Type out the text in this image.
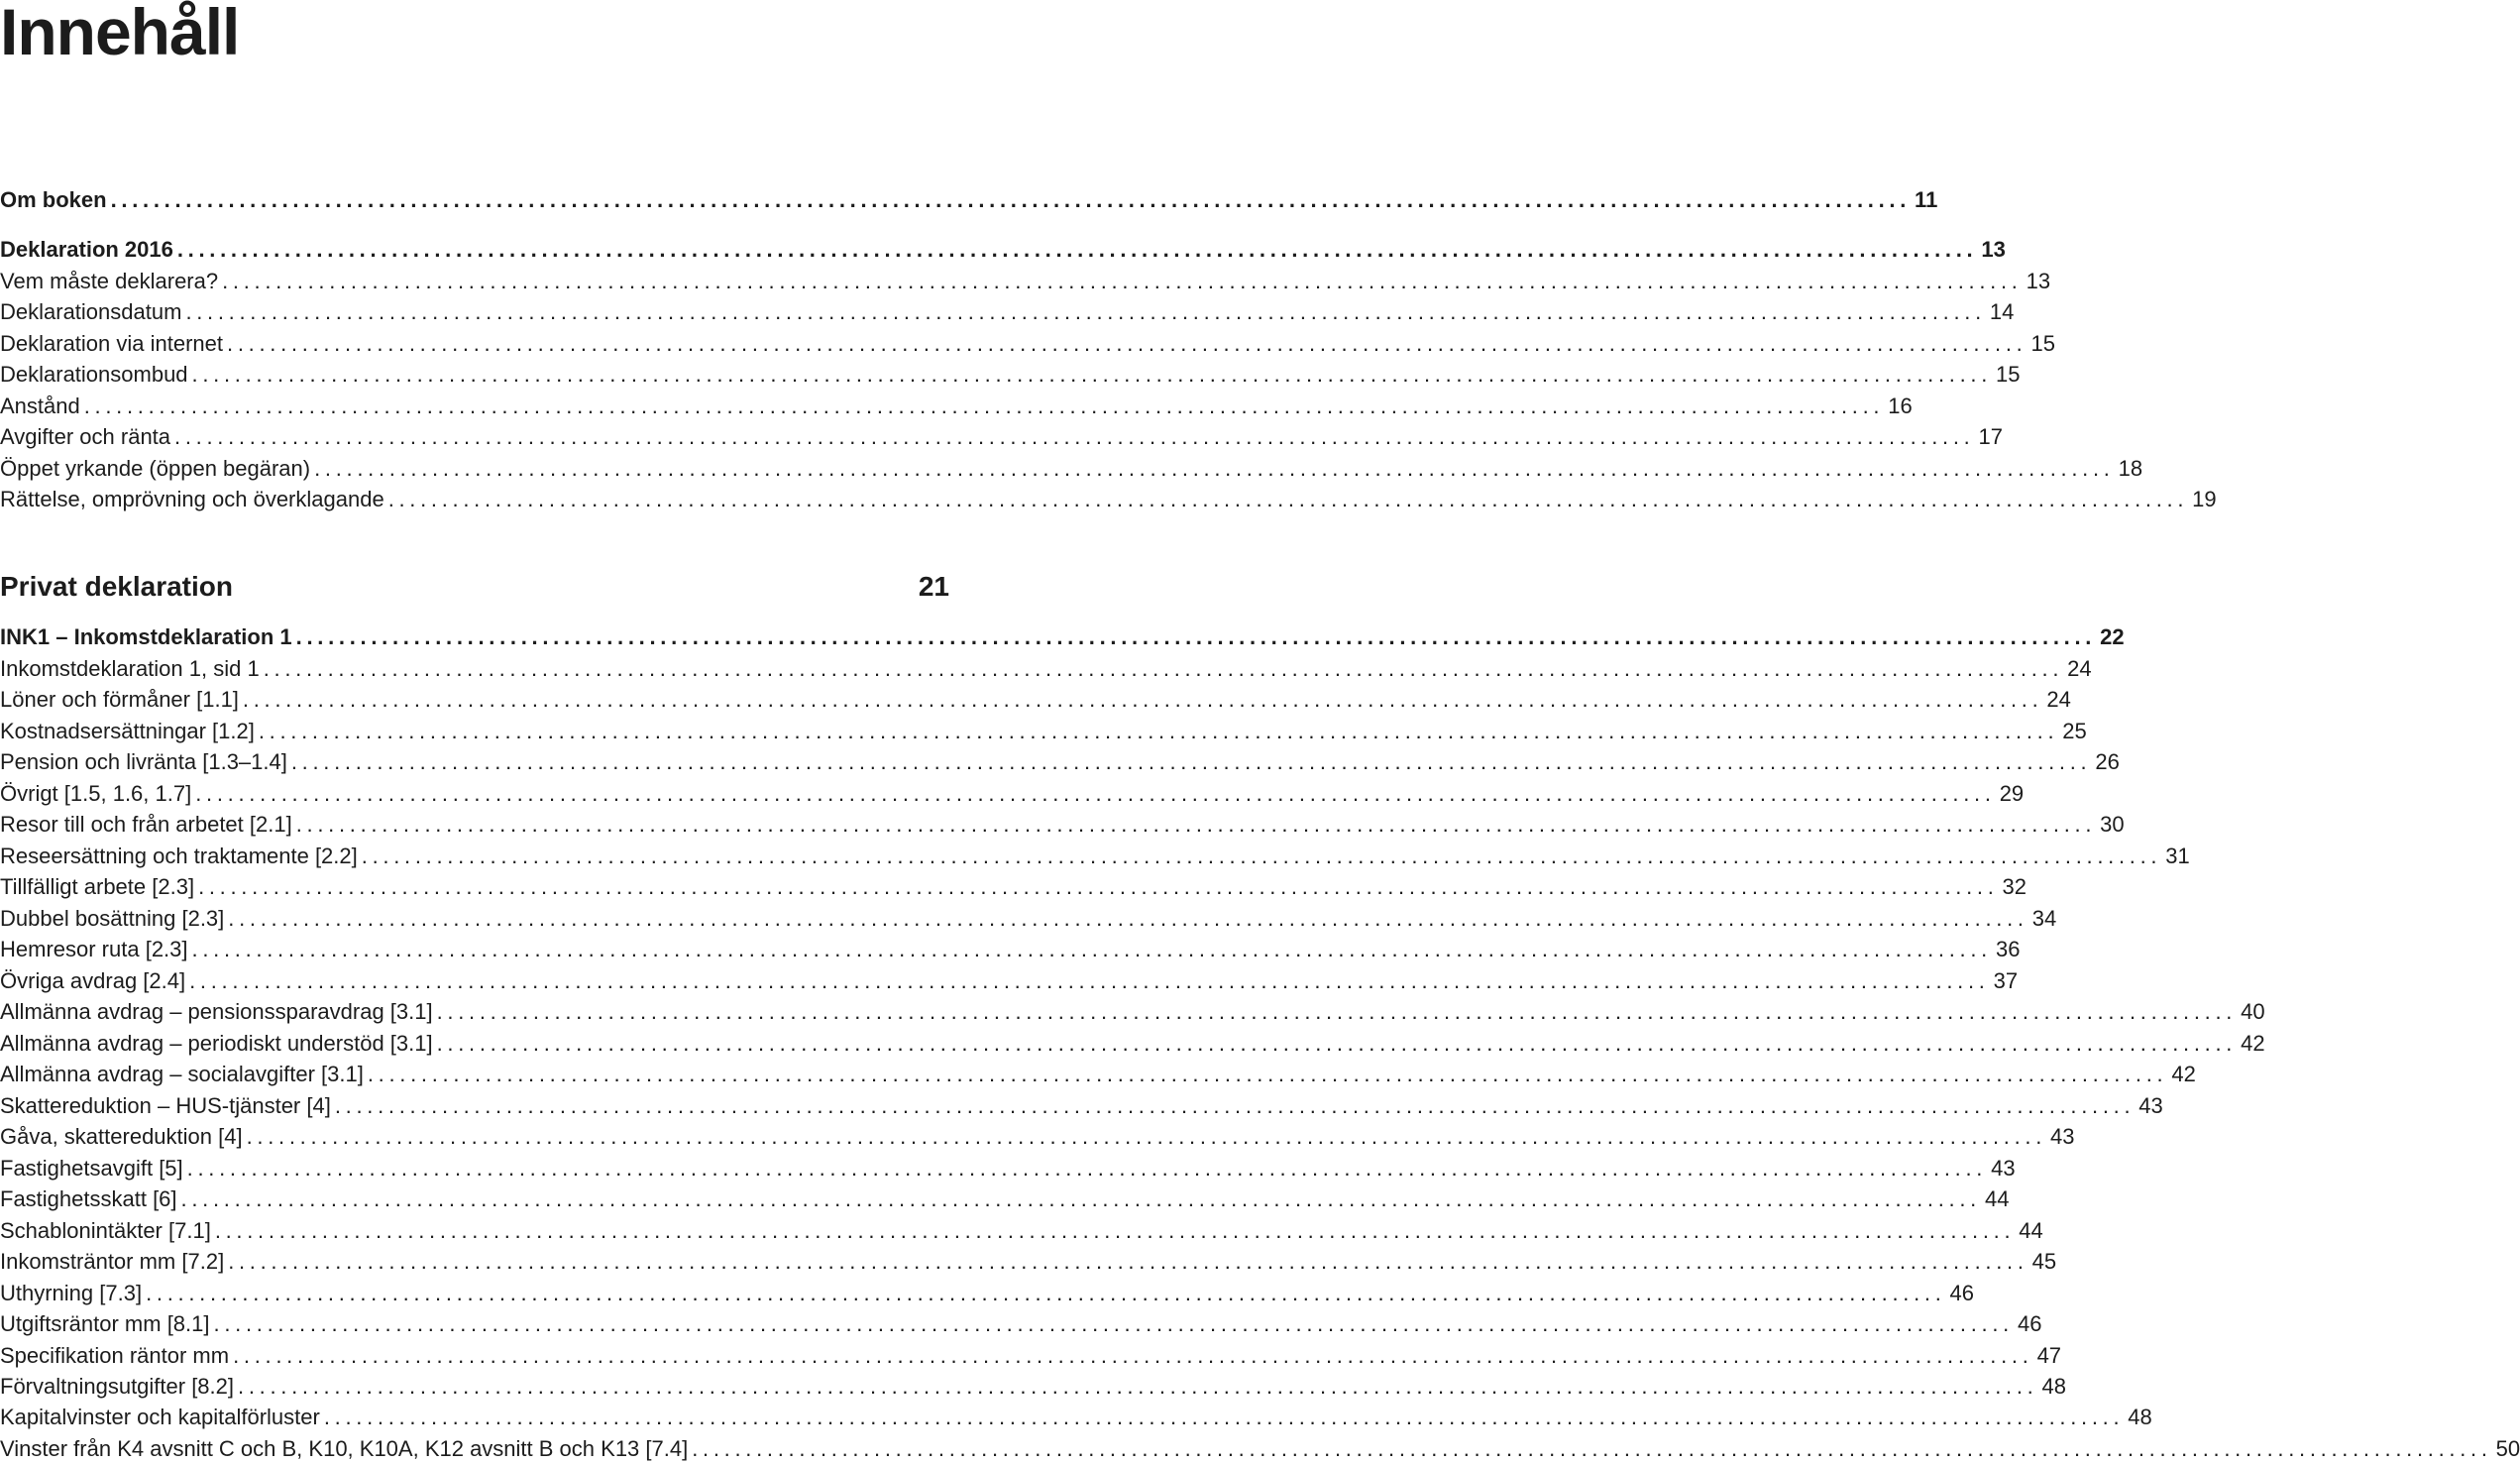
Innehåll
Om boken ........................................................................................................................................................................ 11
Deklaration 2016 ........................................................................................................................................................................ 13
Vem måste deklarera? ........................................................................................................................................................................ 13
Deklarationsdatum ........................................................................................................................................................................ 14
Deklaration via internet ........................................................................................................................................................................ 15
Deklarationsombud ........................................................................................................................................................................ 15
Anstånd ........................................................................................................................................................................ 16
Avgifter och ränta ........................................................................................................................................................................ 17
Öppet yrkande (öppen begäran) ........................................................................................................................................................................ 18
Rättelse, omprövning och överklagande ........................................................................................................................................................................ 19
Privat deklaration	21
INK1 – Inkomstdeklaration 1 ........................................................................................................................................................................ 22
Inkomstdeklaration 1, sid 1 ........................................................................................................................................................................ 24
Löner och förmåner [1.1] ........................................................................................................................................................................ 24
Kostnadsersättningar [1.2] ........................................................................................................................................................................ 25
Pension och livränta [1.3–1.4] ........................................................................................................................................................................ 26
Övrigt [1.5, 1.6, 1.7] ........................................................................................................................................................................ 29
Resor till och från arbetet [2.1] ........................................................................................................................................................................ 30
Reseersättning och traktamente [2.2] ........................................................................................................................................................................ 31
Tillfälligt arbete [2.3] ........................................................................................................................................................................ 32
Dubbel bosättning [2.3] ........................................................................................................................................................................ 34
Hemresor ruta [2.3] ........................................................................................................................................................................ 36
Övriga avdrag [2.4] ........................................................................................................................................................................ 37
Allmänna avdrag – pensionssparavdrag [3.1] ........................................................................................................................................................................ 40
Allmänna avdrag – periodiskt understöd [3.1] ........................................................................................................................................................................ 42
Allmänna avdrag – socialavgifter [3.1] ........................................................................................................................................................................ 42
Skattereduktion – HUS-tjänster [4] ........................................................................................................................................................................ 43
Gåva, skattereduktion [4] ........................................................................................................................................................................ 43
Fastighetsavgift [5] ........................................................................................................................................................................ 43
Fastighetsskatt [6] ........................................................................................................................................................................ 44
Schablonintäkter [7.1] ........................................................................................................................................................................ 44
Inkomsträntor mm [7.2] ........................................................................................................................................................................ 45
Uthyrning [7.3] ........................................................................................................................................................................ 46
Utgiftsräntor mm [8.1] ........................................................................................................................................................................ 46
Specifikation räntor mm ........................................................................................................................................................................ 47
Förvaltningsutgifter [8.2] ........................................................................................................................................................................ 48
Kapitalvinster och kapitalförluster ........................................................................................................................................................................ 48
Vinster från K4 avsnitt C och B, K10, K10A, K12 avsnitt B och K13 [7.4] ........................................................................................................................................................................ 50
